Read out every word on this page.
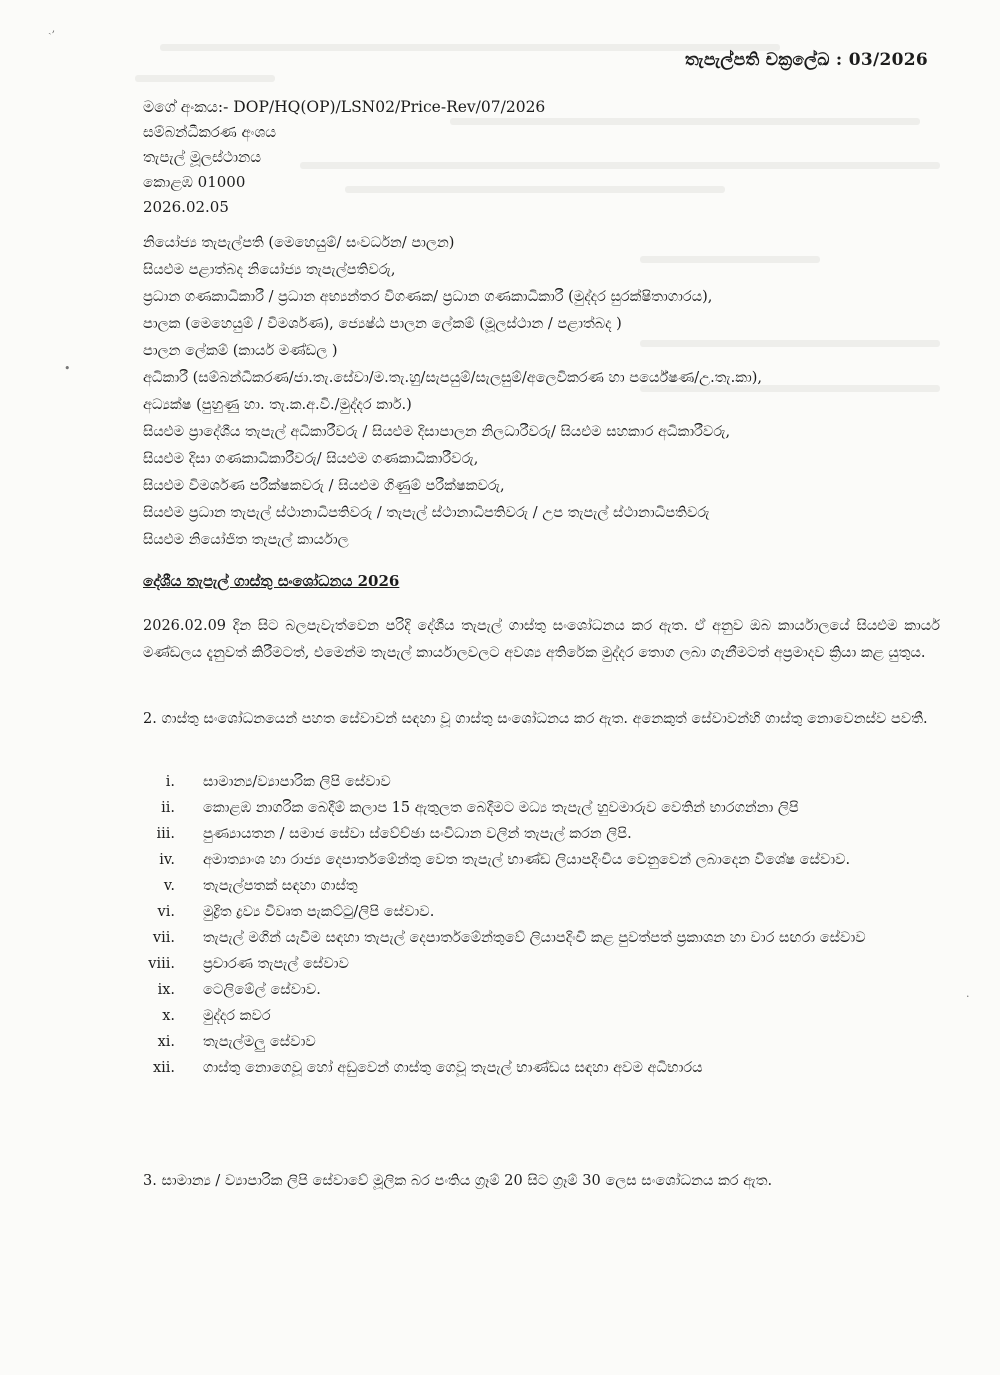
ˎ‚
තැපැල්පති චක්‍රලේඛ : 03/2026
මගේ අංකය:- DOP/HQ(OP)/LSN02/Price-Rev/07/2026
සම්බන්ධීකරණ අංශය
තැපැල් මූලස්ථානය
කොළඹ 01000
2026.02.05
නියෝජ්‍ය තැපැල්පති (මෙහෙයුම්/ සංවර්ධන/ පාලන)
සියළුම පළාත්බද නියෝජ්‍ය තැපැල්පතිවරු,
ප්‍රධාන ගණකාධිකාරී / ප්‍රධාන අභ්‍යන්තර විගණක/ ප්‍රධාන ගණකාධිකාරී (මුද්දර සුරක්ෂිතාගාරය),
පාලක (මෙහෙයුම් / විමර්ශණ), ජ්‍යෙෂ්ඨ පාලන ලේකම් (මූලස්ථාන / පළාත්බද )
පාලන ලේකම් (කාර්ය මණ්ඩල )
අධිකාරී (සම්බන්ධීකරණ/ජා.තැ.සේවා/ම.තැ.හු/සැපයුම්/සැලසුම්/අලෙවිකරණ හා පර්යේෂණ/උ.තැ.කා),
අධ්‍යක්ෂ (පුහුණු හා. තැ.ක.අ.වි./මුද්දර කාර්.)
සියළුම ප්‍රාදේශීය තැපැල් අධිකාරීවරු / සියළුම දිසාපාලන නිලධාරීවරු/ සියළුම සහකාර අධිකාරීවරු,
සියළුම දිසා ගණකාධිකාරීවරු/ සියළුම ගණකාධිකාරීවරු,
සියළුම විමර්ශණ පරීක්ෂකවරු / සියළුම ගිණුම් පරීක්ෂකවරු,
සියළුම ප්‍රධාන තැපැල් ස්ථානාධිපතිවරු / තැපැල් ස්ථානාධිපතිවරු / උප තැපැල් ස්ථානාධිපතිවරු
සියළුම නියෝජිත තැපැල් කාර්යාල
දේශීය තැපැල් ගාස්තු සංශෝධනය 2026
2026.02.09 දින සිට බලපැවැත්වෙන පරිදි දේශීය තැපැල් ගාස්තු සංශෝධනය කර ඇත. ඒ අනුව ඔබ කාර්යාලයේ සියළුම කාර්ය මණ්ඩලය දැනුවත් කිරීමටත්, එමෙන්ම තැපැල් කාර්යාලවලට අවශ්‍ය අතිරේක මුද්දර තොග ලබා ගැනීමටත් අප්‍රමාදව ක්‍රියා කළ යුතුය.
2. ගාස්තු සංශෝධනයෙන් පහත සේවාවන් සඳහා වූ ගාස්තු සංශෝධනය කර ඇත. අනෙකුත් සේවාවන්හි ගාස්තු නොවෙනස්ව පවතී.
i.	සාමාන්‍ය/ව්‍යාපාරික ලිපි සේවාව
ii.	කොළඹ නාගරික බෙදීම් කලාප 15 ඇතුලත බෙදීමට මධ්‍ය තැපැල් හුවමාරුව වෙතින් භාරගන්නා ලිපි
iii.	පුණ්‍යායතන / සමාජ සේවා ස්වේච්ඡා සංවිධාන වලින් තැපැල් කරන ලිපි.
iv.	අමාත්‍යාංශ හා රාජ්‍ය දෙපාර්තමේන්තු වෙත තැපැල් භාණ්ඩ ලියාපදිංචිය වෙනුවෙන් ලබාදෙන විශේෂ සේවාව.
v.	තැපැල්පතක් සඳහා ගාස්තු
vi.	මුද්‍රිත ද්‍රව්‍ය විවෘත පැකට්ටු/ලිපි සේවාව.
vii.	තැපැල් මගින් යැවීම සඳහා තැපැල් දෙපාර්තමේන්තුවේ ලියාපදිංචි කළ පුවත්පත් ප්‍රකාශන හා වාර සඟරා සේවාව
viii.	ප්‍රචාරණ තැපැල් සේවාව
ix.	ටෙලිමේල් සේවාව.
x.	මුද්දර කවර
xi.	තැපැල්මලු සේවාව
xii.	ගාස්තු නොගෙවූ හෝ අඩුවෙන් ගාස්තු ගෙවූ තැපැල් භාණ්ඩය සඳහා අවම අධිභාරය
3. සාමාන්‍ය / ව්‍යාපාරික ලිපි සේවාවේ මූලික බර පංතිය ග්‍රෑම් 20 සිට ග්‍රෑම් 30 ලෙස සංශෝධනය කර ඇත.
•
·
